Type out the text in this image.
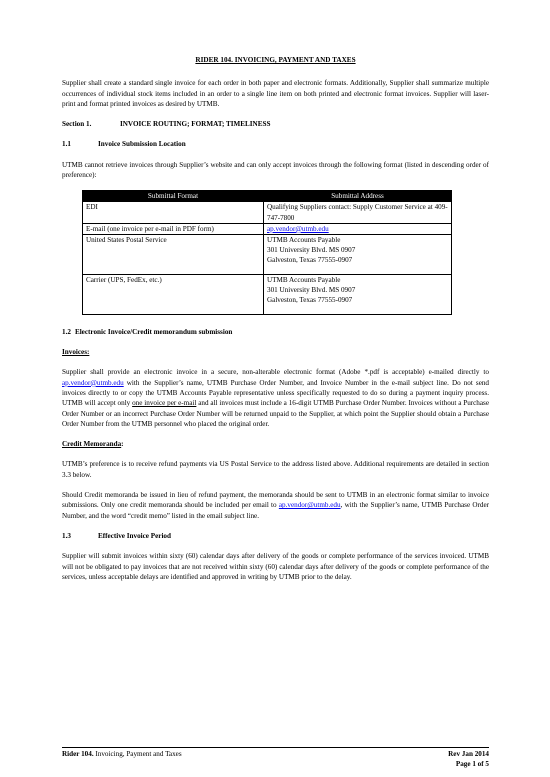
RIDER 104. INVOICING, PAYMENT AND TAXES

Supplier shall create a standard single invoice for each order in both paper and electronic formats. Additionally, Supplier shall summarize multiple occurrences of individual stock items included in an order to a single line item on both printed and electronic format invoices. Supplier will laser-print and format printed invoices as desired by UTMB.

Section 1.	INVOICE ROUTING; FORMAT; TIMELINESS
1.1	Invoice Submission Location

UTMB cannot retrieve invoices through Supplier’s website and can only accept invoices through the following format (listed in descending order of preference):

Submittal Format	Submittal Address
EDI	Qualifying Suppliers contact: Supply Customer Service at 409-747-7800
E-mail (one invoice per e-mail in PDF form)	ap.vendor@utmb.edu
United States Postal Service	UTMB Accounts Payable
301 University Blvd. MS 0907
Galveston, Texas 77555-0907

Carrier (UPS, FedEx, etc.)	UTMB Accounts Payable
301 University Blvd. MS 0907
Galveston, Texas 77555-0907
1.2 Electronic Invoice/Credit memorandum submission
Invoices:

Supplier shall provide an electronic invoice in a secure, non-alterable electronic format (Adobe *.pdf is acceptable) e-mailed directly to ap.vendor@utmb.edu with the Supplier’s name, UTMB Purchase Order Number, and Invoice Number in the e-mail subject line. Do not send invoices directly to or copy the UTMB Accounts Payable representative unless specifically requested to do so during a payment inquiry process. UTMB will accept only one invoice per e-mail and all invoices must include a 16-digit UTMB Purchase Order Number. Invoices without a Purchase Order Number or an incorrect Purchase Order Number will be returned unpaid to the Supplier, at which point the Supplier should obtain a Purchase Order Number from the UTMB personnel who placed the original order.

Credit Memoranda:

UTMB’s preference is to receive refund payments via US Postal Service to the address listed above. Additional requirements are detailed in section 3.3 below.

Should Credit memoranda be issued in lieu of refund payment, the memoranda should be sent to UTMB in an electronic format similar to invoice submissions. Only one credit memoranda should be included per email to ap.vendor@utmb.edu, with the Supplier’s name, UTMB Purchase Order Number, and the word “credit memo” listed in the email subject line.

1.3	Effective Invoice Period

Supplier will submit invoices within sixty (60) calendar days after delivery of the goods or complete performance of the services invoiced. UTMB will not be obligated to pay invoices that are not received within sixty (60) calendar days after delivery of the goods or complete performance of the services, unless acceptable delays are identified and approved in writing by UTMB prior to the delay.

Rider 104. Invoicing, Payment and Taxes	Rev Jan 2014
Page 1 of 5
